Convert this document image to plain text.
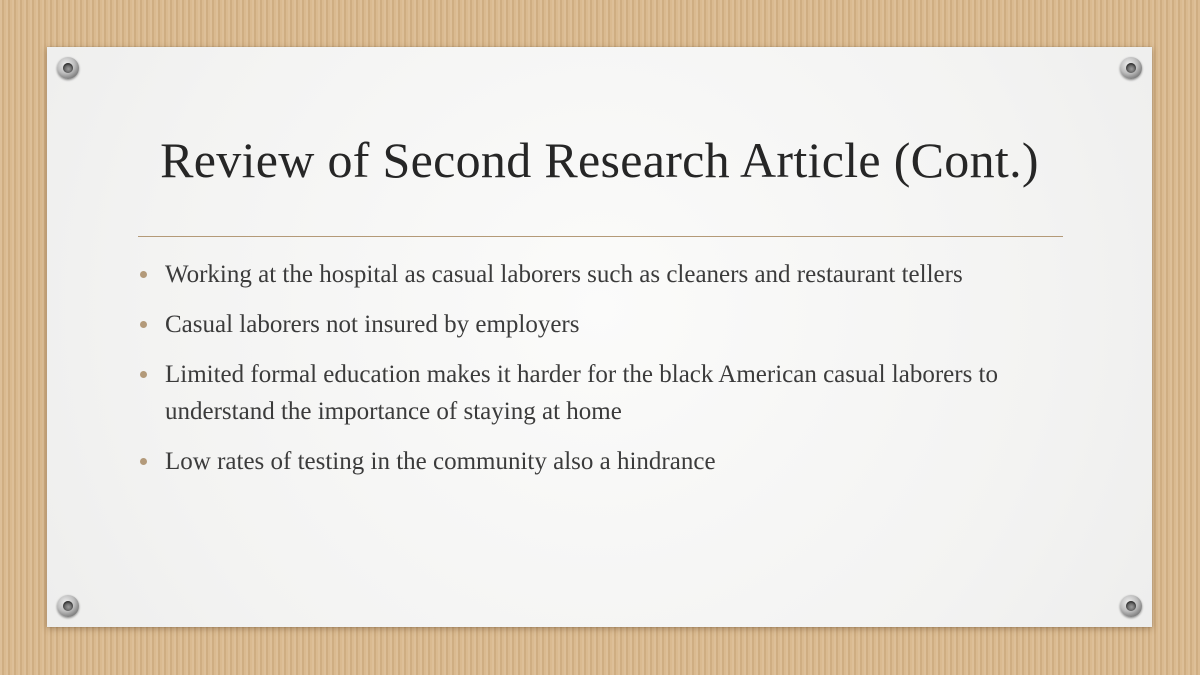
Review of Second Research Article (Cont.)
Working at the hospital as casual laborers such as cleaners and restaurant tellers
Casual laborers not insured by employers
Limited formal education makes it harder for the black American casual laborers to understand the importance of staying at home
Low rates of testing in the community also a hindrance
